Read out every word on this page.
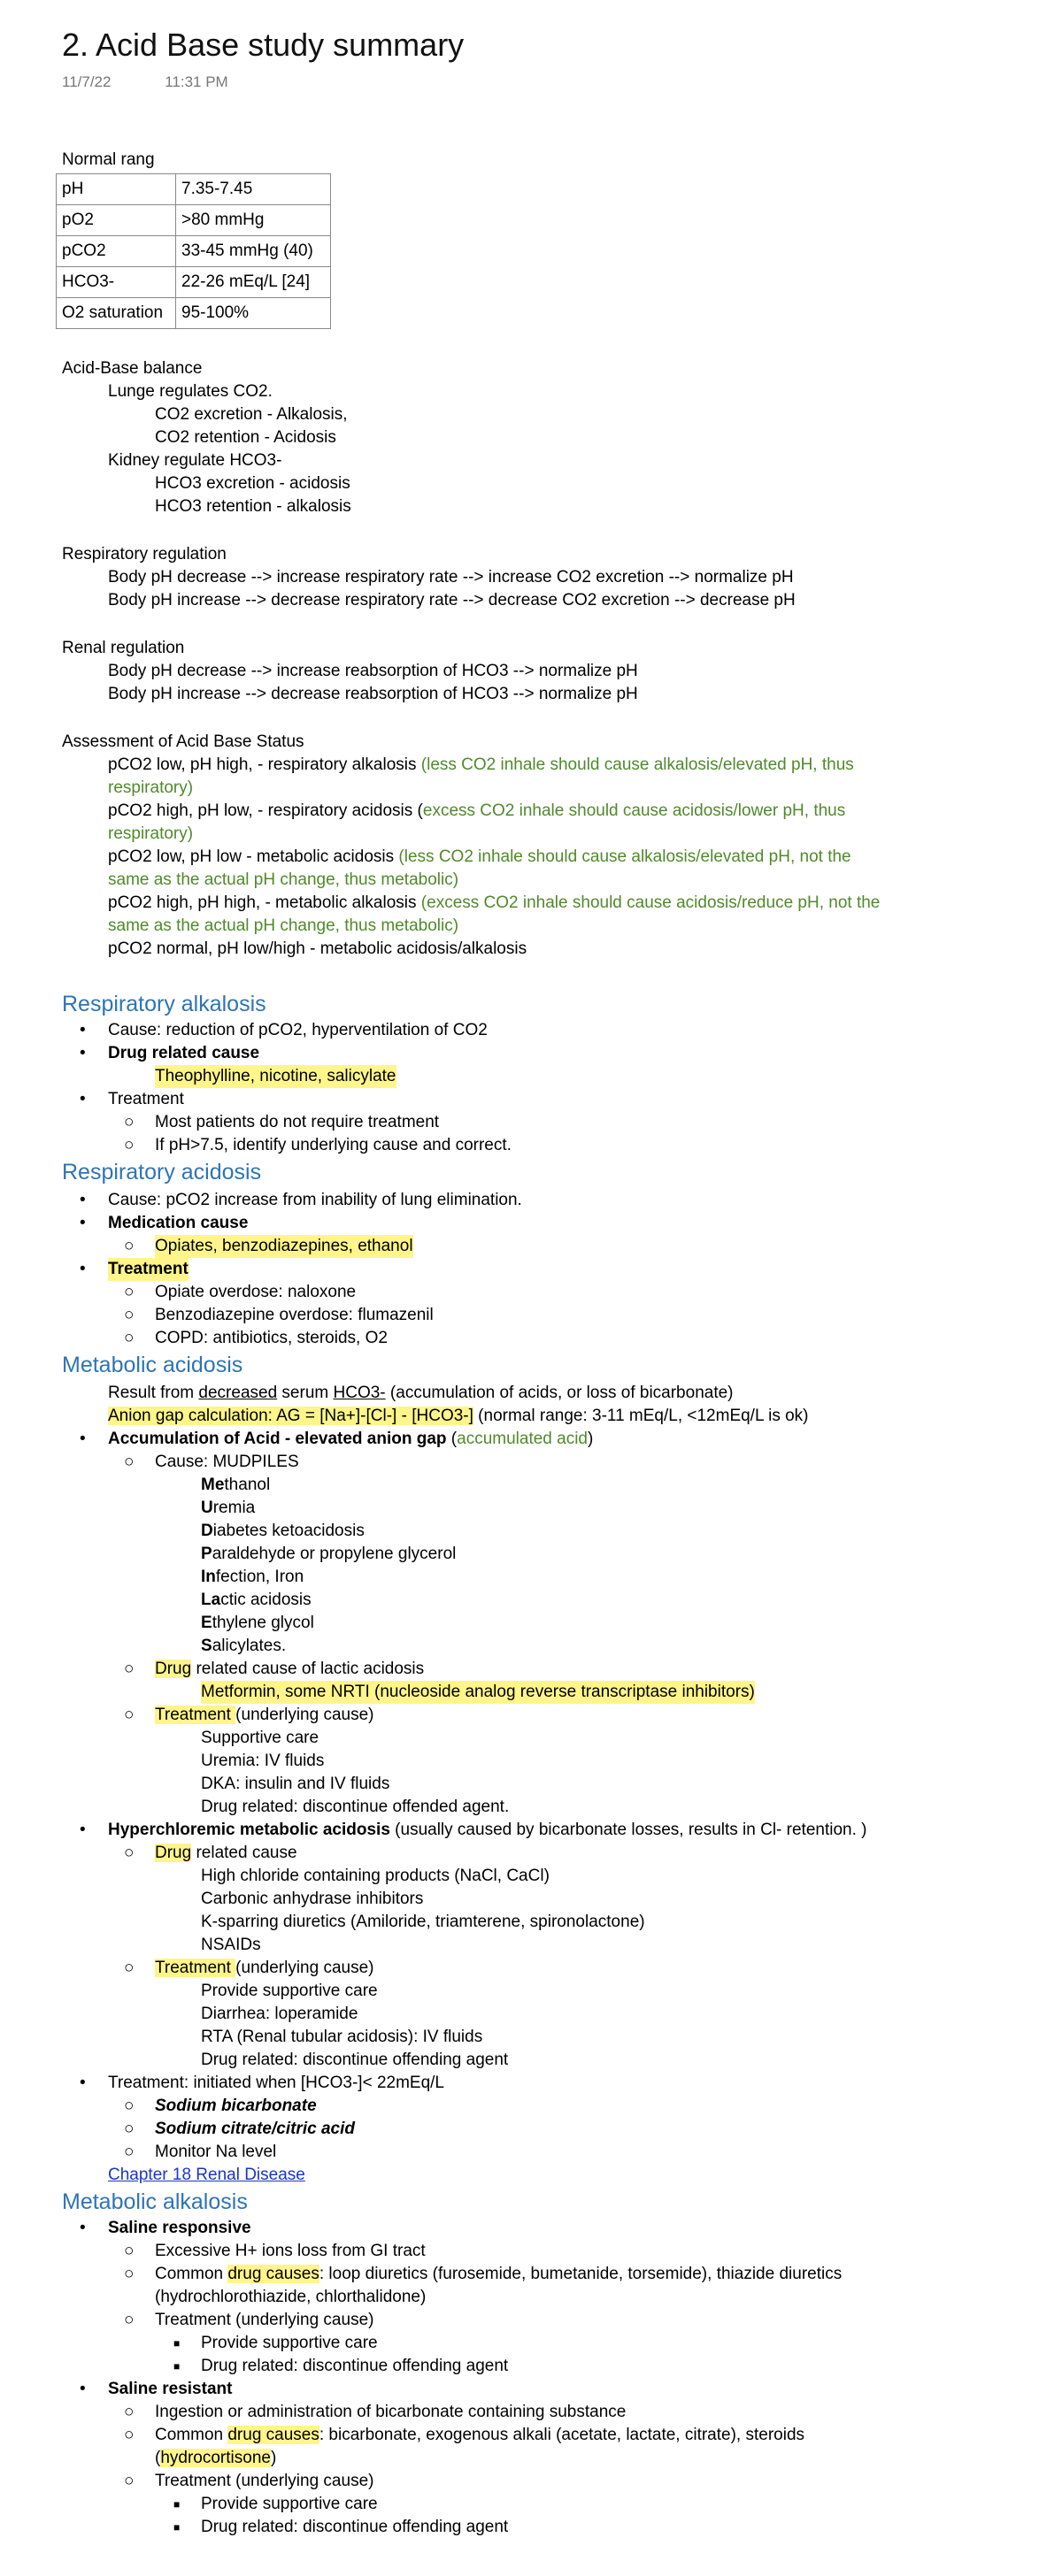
2. Acid Base study summary
11/7/22	11:31 PM
Normal rang
pH	7.35-7.45
pO2	>80 mmHg
pCO2	33-45 mmHg (40)
HCO3-	22-26 mEq/L [24]
O2 saturation	95-100%
Acid-Base balance
Lunge regulates CO2.
CO2 excretion - Alkalosis,
CO2 retention - Acidosis
Kidney regulate HCO3-
HCO3 excretion - acidosis
HCO3 retention - alkalosis
Respiratory regulation
Body pH decrease --> increase respiratory rate --> increase CO2 excretion --> normalize pH
Body pH increase --> decrease respiratory rate --> decrease CO2 excretion --> decrease pH
Renal regulation
Body pH decrease --> increase reabsorption of HCO3 --> normalize pH
Body pH increase --> decrease reabsorption of HCO3 --> normalize pH
Assessment of Acid Base Status
pCO2 low, pH high, - respiratory alkalosis (less CO2 inhale should cause alkalosis/elevated pH, thus
respiratory)
pCO2 high, pH low, - respiratory acidosis (excess CO2 inhale should cause acidosis/lower pH, thus
respiratory)
pCO2 low, pH low - metabolic acidosis (less CO2 inhale should cause alkalosis/elevated pH, not the
same as the actual pH change, thus metabolic)
pCO2 high, pH high, - metabolic alkalosis (excess CO2 inhale should cause acidosis/reduce pH, not the
same as the actual pH change, thus metabolic)
pCO2 normal, pH low/high - metabolic acidosis/alkalosis
Respiratory alkalosis
• Cause: reduction of pCO2, hyperventilation of CO2
• Drug related cause
Theophylline, nicotine, salicylate
• Treatment
○ Most patients do not require treatment
○ If pH>7.5, identify underlying cause and correct.
Respiratory acidosis
• Cause: pCO2 increase from inability of lung elimination.
• Medication cause
○ Opiates, benzodiazepines, ethanol
• Treatment
○ Opiate overdose: naloxone
○ Benzodiazepine overdose: flumazenil
○ COPD: antibiotics, steroids, O2
Metabolic acidosis
Result from decreased serum HCO3- (accumulation of acids, or loss of bicarbonate)
Anion gap calculation: AG = [Na+]-[Cl-] - [HCO3-] (normal range: 3-11 mEq/L, <12mEq/L is ok)
• Accumulation of Acid - elevated anion gap (accumulated acid)
○ Cause: MUDPILES
Methanol
Uremia
Diabetes ketoacidosis
Paraldehyde or propylene glycerol
Infection, Iron
Lactic acidosis
Ethylene glycol
Salicylates.
○ Drug related cause of lactic acidosis
Metformin, some NRTI (nucleoside analog reverse transcriptase inhibitors)
○ Treatment (underlying cause)
Supportive care
Uremia: IV fluids
DKA: insulin and IV fluids
Drug related: discontinue offended agent.
• Hyperchloremic metabolic acidosis (usually caused by bicarbonate losses, results in Cl- retention. )
○ Drug related cause
High chloride containing products (NaCl, CaCl)
Carbonic anhydrase inhibitors
K-sparring diuretics (Amiloride, triamterene, spironolactone)
NSAIDs
○ Treatment (underlying cause)
Provide supportive care
Diarrhea: loperamide
RTA (Renal tubular acidosis): IV fluids
Drug related: discontinue offending agent
• Treatment: initiated when [HCO3-]< 22mEq/L
○ Sodium bicarbonate
○ Sodium citrate/citric acid
○ Monitor Na level
Chapter 18 Renal Disease
Metabolic alkalosis
• Saline responsive
○ Excessive H+ ions loss from GI tract
○ Common drug causes: loop diuretics (furosemide, bumetanide, torsemide), thiazide diuretics
(hydrochlorothiazide, chlorthalidone)
○ Treatment (underlying cause)
■ Provide supportive care
■ Drug related: discontinue offending agent
• Saline resistant
○ Ingestion or administration of bicarbonate containing substance
○ Common drug causes: bicarbonate, exogenous alkali (acetate, lactate, citrate), steroids
(hydrocortisone)
○ Treatment (underlying cause)
■ Provide supportive care
■ Drug related: discontinue offending agent
